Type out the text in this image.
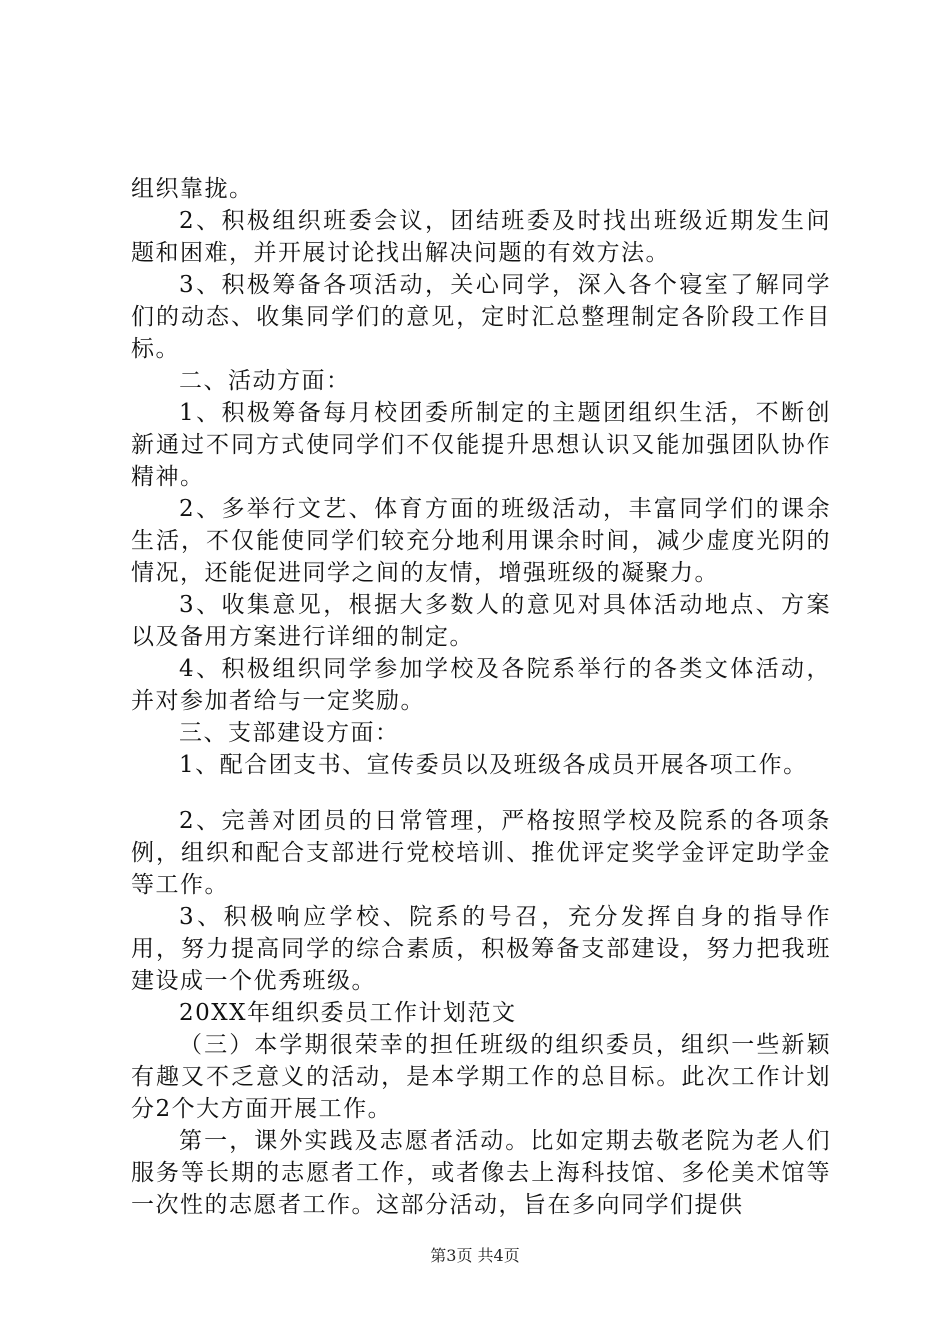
组织靠拢。

2、积极组织班委会议，团结班委及时找出班级近期发生问题和困难，并开展讨论找出解决问题的有效方法。

3、积极筹备各项活动，关心同学，深入各个寝室了解同学们的动态、收集同学们的意见，定时汇总整理制定各阶段工作目标。

二、活动方面：

1、积极筹备每月校团委所制定的主题团组织生活，不断创新通过不同方式使同学们不仅能提升思想认识又能加强团队协作精神。

2、多举行文艺、体育方面的班级活动，丰富同学们的课余生活，不仅能使同学们较充分地利用课余时间，减少虚度光阴的情况，还能促进同学之间的友情，增强班级的凝聚力。

3、收集意见，根据大多数人的意见对具体活动地点、方案以及备用方案进行详细的制定。

4、积极组织同学参加学校及各院系举行的各类文体活动，并对参加者给与一定奖励。

三、支部建设方面：

1、配合团支书、宣传委员以及班级各成员开展各项工作。

2、完善对团员的日常管理，严格按照学校及院系的各项条例，组织和配合支部进行党校培训、推优评定奖学金评定助学金等工作。

3、积极响应学校、院系的号召，充分发挥自身的指导作用，努力提高同学的综合素质，积极筹备支部建设，努力把我班建设成一个优秀班级。

20XX年组织委员工作计划范文

（三）本学期很荣幸的担任班级的组织委员，组织一些新颖有趣又不乏意义的活动，是本学期工作的总目标。此次工作计划分2个大方面开展工作。

第一，课外实践及志愿者活动。比如定期去敬老院为老人们服务等长期的志愿者工作，或者像去上海科技馆、多伦美术馆等一次性的志愿者工作。这部分活动，旨在多向同学们提供

第3页 共4页
